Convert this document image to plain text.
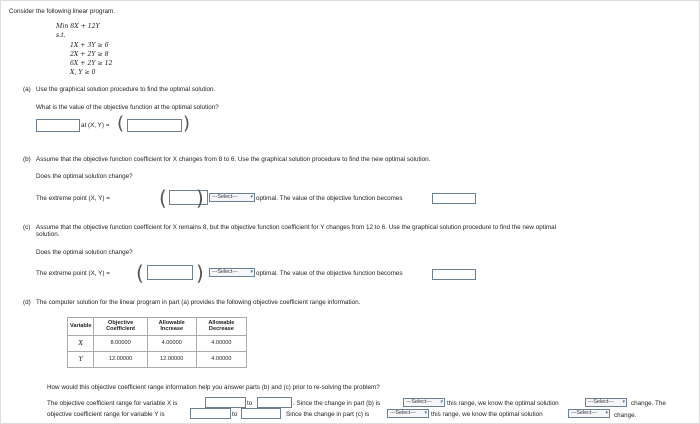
Consider the following linear program.
Min 8X + 12Y
s.t.
1X + 3Y ≥ 6
2X + 2Y ≥ 8
6X + 2Y ≥ 12
X, Y ≥ 0
(a) Use the graphical solution procedure to find the optimal solution.
What is the value of the objective function at the optimal solution?
at (X, Y) = (	)
(b) Assume that the objective function coefficient for X changes from 8 to 6. Use the graphical solution procedure to find the new optimal solution.
Does the optimal solution change?
The extreme point (X, Y) = ( )	---Select---	▾ optimal. The value of the objective function becomes
(c) Assume that the objective function coefficient for X remains 8, but the objective function coefficient for Y changes from 12 to 6. Use the graphical solution procedure to find the new optimal
solution.
Does the optimal solution change?
The extreme point (X, Y) = (	)	---Select---	▾ optimal. The value of the objective function becomes
(d) The computer solution for the linear program in part (a) provides the following objective coefficient range information.
Variable	Objective Coefficient	Allowable Increase	Allowable Decrease
X	8.00000	4.00000	4.00000
Y	12.00000	12.00000	4.00000
How would this objective coefficient range information help you answer parts (b) and (c) prior to re-solving the problem?
The objective coefficient range for variable X is	to	. Since the change in part (b) is	---Select--- ▾ this range, we know the optimal solution	---Select--- ▾ change. The
objective coefficient range for variable Y is	to	Since the change in part (c) is	---Select--- ▾ this range, we know the optimal solution	---Select--- ▾ change.
